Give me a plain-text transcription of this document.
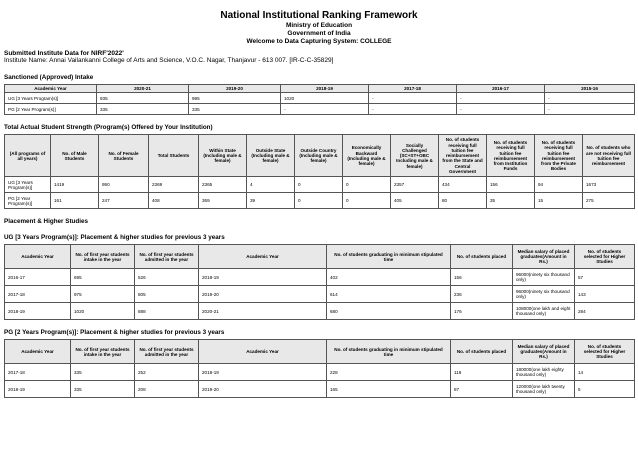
National Institutional Ranking Framework
Ministry of Education
Government of India
Welcome to Data Capturing System: COLLEGE
Submitted Institute Data for NIRF'2022'
Institute Name: Annai Vailankanni College of Arts and Science, V.O.C. Nagar, Thanjavur - 613 007. [IR-C-C-35829]
Sanctioned (Approved) Intake
Academic Year	2020-21	2019-20	2018-19	2017-18	2016-17	2015-16
UG [3 Years Program(s)]	935	995	1020	-	-	-
PG [2 Year Program(s)]	335	335	-	-	-	-
Total Actual Student Strength (Program(s) Offered by Your Institution)
(All programs of all years)	No. of Male Students	No. of Female Students	Total Students	Within State (Including male & female)	Outside State (Including male & female)	Outside Country (Including male & female)	Economically Backward (Including male & female)	Socially Challenged (SC+ST+OBC Including male & female)	No. of students receiving full tuition fee reimbursement from the State and Central Government	No. of students receiving full tuition fee reimbursement from Institution Funds	No. of students receiving full tuition fee reimbursement from the Private Bodies	No. of students who are not receiving full tuition fee reimbursement
UG [3 Years Program(s)]	1419	950	2369	2365	4	0	0	2357	434	156	94	1673
PG [2 Year Program(s)]	161	247	408	369	39	0	0	405	80	35	15	275
Placement & Higher Studies
UG [3 Years Program(s)]: Placement & higher studies for previous 3 years
Academic Year	No. of first year students intake in the year	No. of first year students admitted in the year	Academic Year	No. of students graduating in minimum stipulated time	No. of students placed	Median salary of placed graduates(Amount in Rs.)	No. of students selected for Higher Studies
2016-17	695	526	2018-19	402	156	96000(ninety six thousand only)	57
2017-18	975	805	2019-20	614	236	96000(ninety six thousand only)	143
2018-19	1020	888	2020-21	680	176	108000(one lakh and eight thousand only)	284
PG [2 Years Program(s)]: Placement & higher studies for previous 3 years
Academic Year	No. of first year students intake in the year	No. of first year students admitted in the year	Academic Year	No. of students graduating in minimum stipulated time	No. of students placed	Median salary of placed graduates(Amount in Rs.)	No. of students selected for Higher Studies
2017-18	335	252	2018-19	228	119	180000(one lakh eighty thousand only)	14
2018-19	335	208	2019-20	165	87	120000(one lakh twenty thousand only)	5
